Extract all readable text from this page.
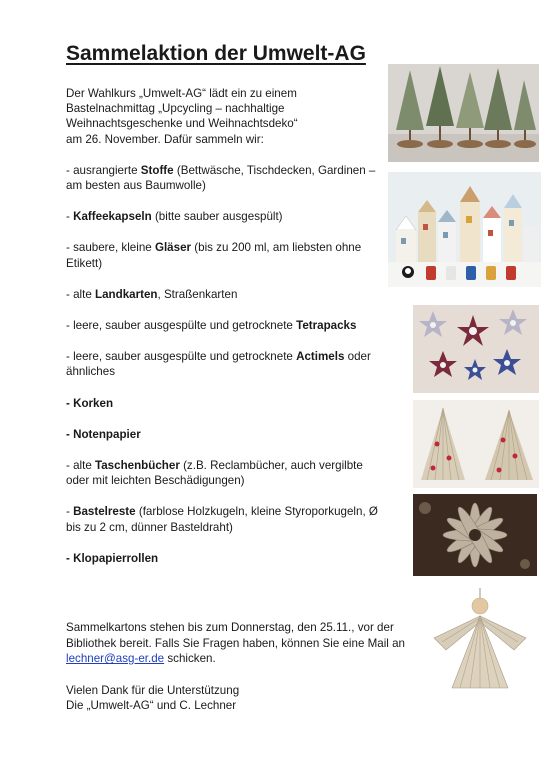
Sammelaktion der Umwelt-AG

Der Wahlkurs „Umwelt-AG“ lädt ein zu einem
Bastelnachmittag „Upcycling – nachhaltige
Weihnachtsgeschenke und Weihnachtsdeko“
am 26. November. Dafür sammeln wir:

- ausrangierte Stoffe (Bettwäsche, Tischdecken, Gardinen – am besten aus Baumwolle)

- Kaffeekapseln (bitte sauber ausgespült)

- saubere, kleine Gläser (bis zu 200 ml, am liebsten ohne Etikett)

- alte Landkarten, Straßenkarten

- leere, sauber ausgespülte und getrocknete Tetrapacks

- leere, sauber ausgespülte und getrocknete Actimels oder ähnliches

- Korken

- Notenpapier

- alte Taschenbücher (z.B. Reclambücher, auch vergilbte oder mit leichten Beschädigungen)

- Bastelreste (farblose Holzkugeln, kleine Styroporkugeln, Ø bis zu 2 cm, dünner Basteldraht)

- Klopapierrollen

Sammelkartons stehen bis zum Donnerstag, den 25.11., vor der
Bibliothek bereit. Falls Sie Fragen haben, können Sie eine Mail an
lechner@asg-er.de schicken.

Vielen Dank für die Unterstützung
Die „Umwelt-AG“ und C. Lechner
